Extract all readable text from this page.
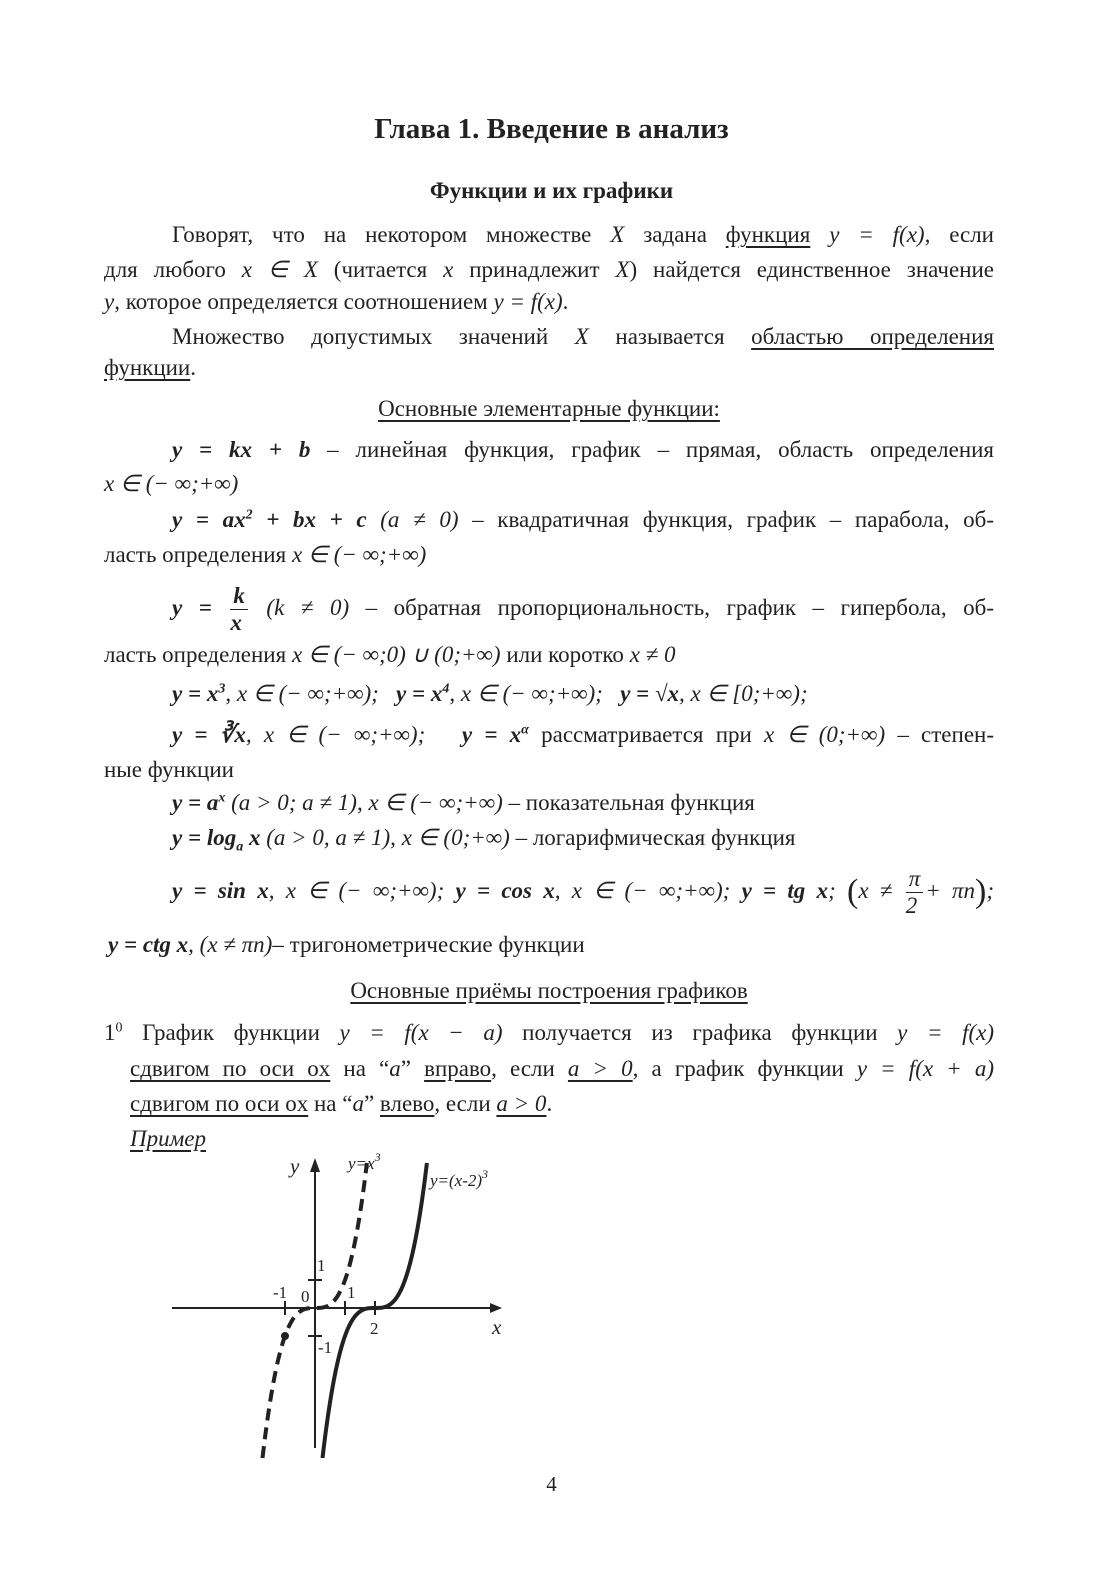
Глава 1. Введение в анализ
Функции и их графики
Говорят, что на некотором множестве X задана функция y = f(x), если
для любого x ∈ X (читается x принадлежит X) найдется единственное значение
y, которое определяется соотношением y = f(x).
Множество допустимых значений X называется областью определения
функции.
Основные элементарные функции:
y = kx + b – линейная функция, график – прямая, область определения
x ∈ (− ∞;+∞)
$y = ax^2$ + bx + c (a ≠ 0) – квадратичная функция, график – парабола, об-
ласть определения x ∈ (− ∞;+∞)
$y = \frac{k}{x} (k \ne 0)$ – обратная пропорциональность, график – гипербола, об-
ласть определения x ∈ (− ∞;0) ∪ (0;+∞) или коротко x ≠ 0
$y = x^3$, x ∈ (− ∞;+∞); $y = x^4$, x ∈ (− ∞;+∞); y = √x, x ∈ [0;+∞);
y = ∛x, x ∈ (− ∞;+∞); $y = x^\alpha$ рассматривается при x ∈ (0;+∞) – степен-
ные функции
$y = a^x$ (a > 0; a ≠ 1), x ∈ (− ∞;+∞) – показательная функция
$y = \log_a x$ (a > 0, a ≠ 1), x ∈ (0;+∞) – логарифмическая функция
y = sin x, x ∈ (− ∞;+∞); y = cos x, x ∈ (− ∞;+∞); y = tg x; $(x \ne \frac{\pi}{2} + \pi n)$;
y = ctg x, (x ≠ πn)– тригонометрические функции
Основные приёмы построения графиков
$1^0$ График функции y = f(x − a) получается из графика функции y = f(x)
сдвигом по оси ox на “a” вправо, если a > 0, а график функции y = f(x + a)
сдвигом по оси ox на “a” влево, если a > 0.
Пример
y
x
0
-1	1
2
1
-1
$y=x^3$
$y=(x-2)^3$
4
